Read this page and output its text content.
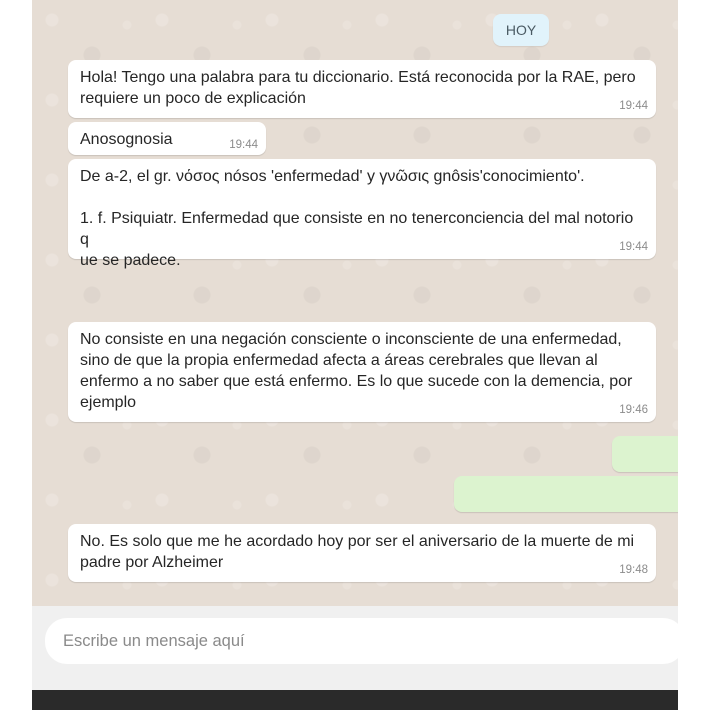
HOY
Hola! Tengo una palabra para tu diccionario. Está reconocida por la RAE, pero
requiere un poco de explicación	19:44
Anosognosia	19:44
De a-2, el gr. νόσος nósos 'enfermedad' y γνῶσις gnôsis'conocimiento'.

1. f. Psiquiatr. Enfermedad que consiste en no tenerconciencia del mal notorio q
ue se padece.
19:44
No consiste en una negación consciente o inconsciente de una enfermedad,
sino de que la propia enfermedad afecta a áreas cerebrales que llevan al
enfermo a no saber que está enfermo. Es lo que sucede con la demencia, por
ejemplo	19:46
No. Es solo que me he acordado hoy por ser el aniversario de la muerte de mi
padre por Alzheimer	19:48
Escribe un mensaje aquí
